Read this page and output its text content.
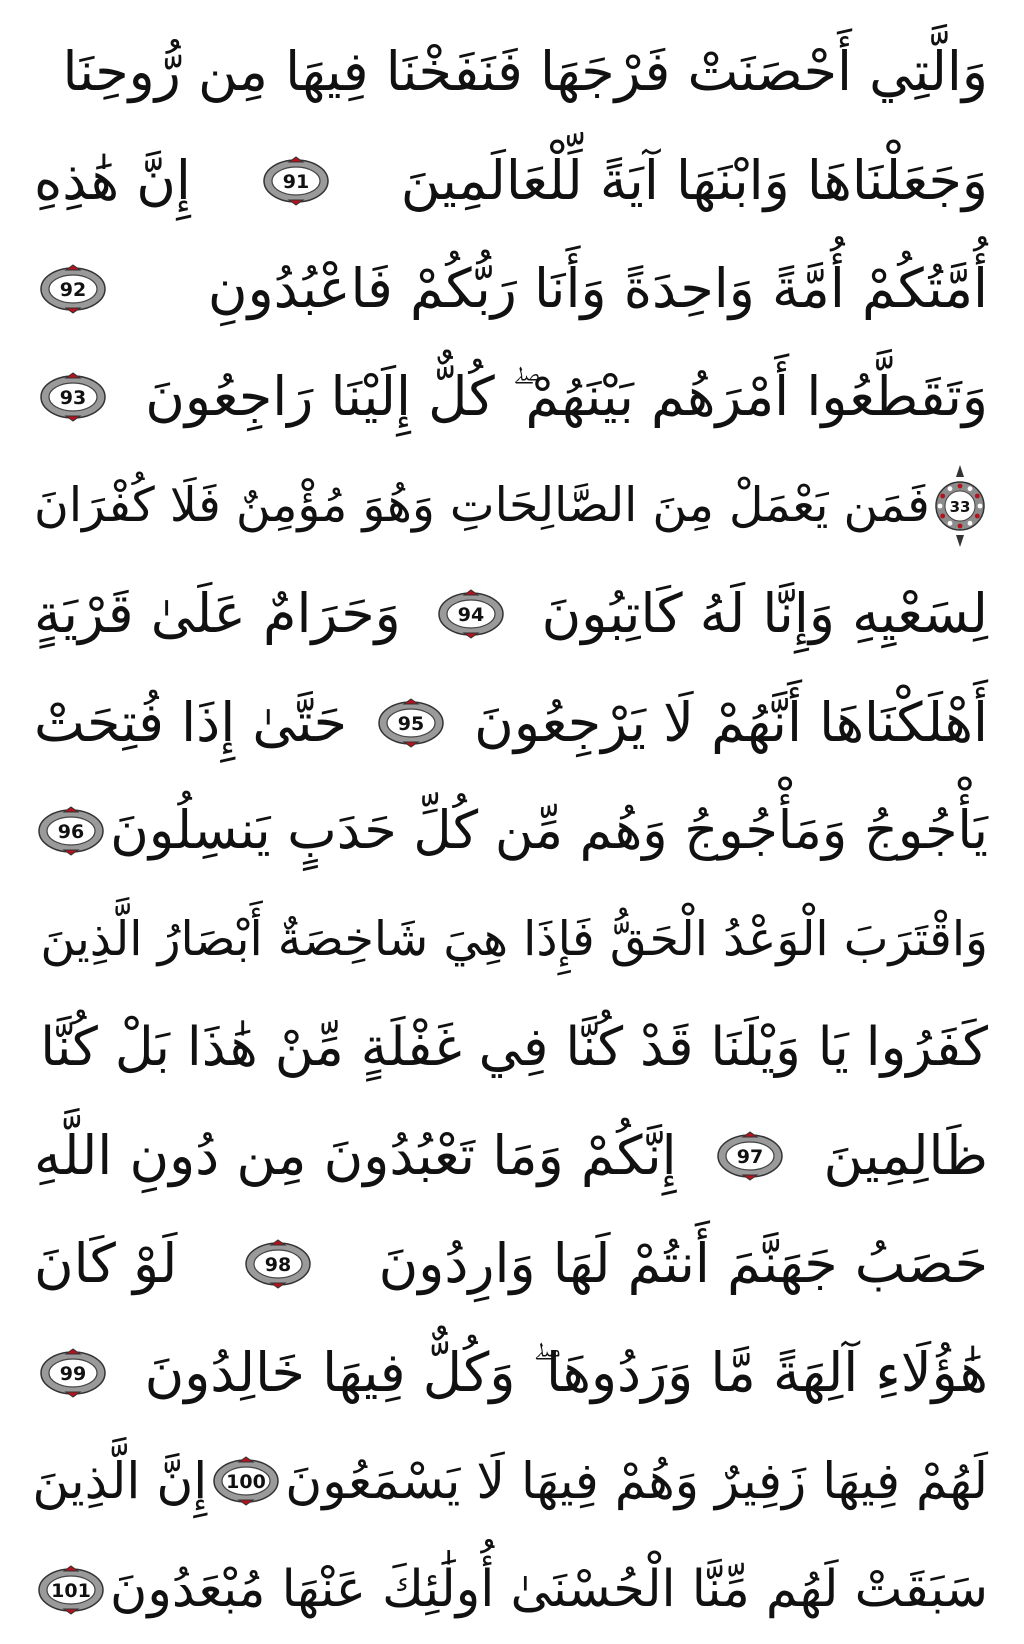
وَالَّتِي أَحْصَنَتْ فَرْجَهَا فَنَفَخْنَا فِيهَا مِن رُّوحِنَا
وَجَعَلْنَاهَا وَابْنَهَا آيَةً لِّلْعَالَمِينَ
91
إِنَّ هَٰذِهِ
أُمَّتُكُمْ أُمَّةً وَاحِدَةً وَأَنَا رَبُّكُمْ فَاعْبُدُونِ
92
وَتَقَطَّعُوا أَمْرَهُم بَيْنَهُمْ ۖ كُلٌّ إِلَيْنَا رَاجِعُونَ
93
33
فَمَن يَعْمَلْ مِنَ الصَّالِحَاتِ وَهُوَ مُؤْمِنٌ فَلَا كُفْرَانَ
لِسَعْيِهِ وَإِنَّا لَهُ كَاتِبُونَ
94
وَحَرَامٌ عَلَىٰ قَرْيَةٍ
أَهْلَكْنَاهَا أَنَّهُمْ لَا يَرْجِعُونَ
95
حَتَّىٰ إِذَا فُتِحَتْ
يَأْجُوجُ وَمَأْجُوجُ وَهُم مِّن كُلِّ حَدَبٍ يَنسِلُونَ
96
وَاقْتَرَبَ الْوَعْدُ الْحَقُّ فَإِذَا هِيَ شَاخِصَةٌ أَبْصَارُ الَّذِينَ
كَفَرُوا يَا وَيْلَنَا قَدْ كُنَّا فِي غَفْلَةٍ مِّنْ هَٰذَا بَلْ كُنَّا
ظَالِمِينَ
97
إِنَّكُمْ وَمَا تَعْبُدُونَ مِن دُونِ اللَّهِ
حَصَبُ جَهَنَّمَ أَنتُمْ لَهَا وَارِدُونَ
98
لَوْ كَانَ
هَٰؤُلَاءِ آلِهَةً مَّا وَرَدُوهَا ۖ وَكُلٌّ فِيهَا خَالِدُونَ
99
لَهُمْ فِيهَا زَفِيرٌ وَهُمْ فِيهَا لَا يَسْمَعُونَ
100
إِنَّ الَّذِينَ
سَبَقَتْ لَهُم مِّنَّا الْحُسْنَىٰ أُولَٰئِكَ عَنْهَا مُبْعَدُونَ
101
